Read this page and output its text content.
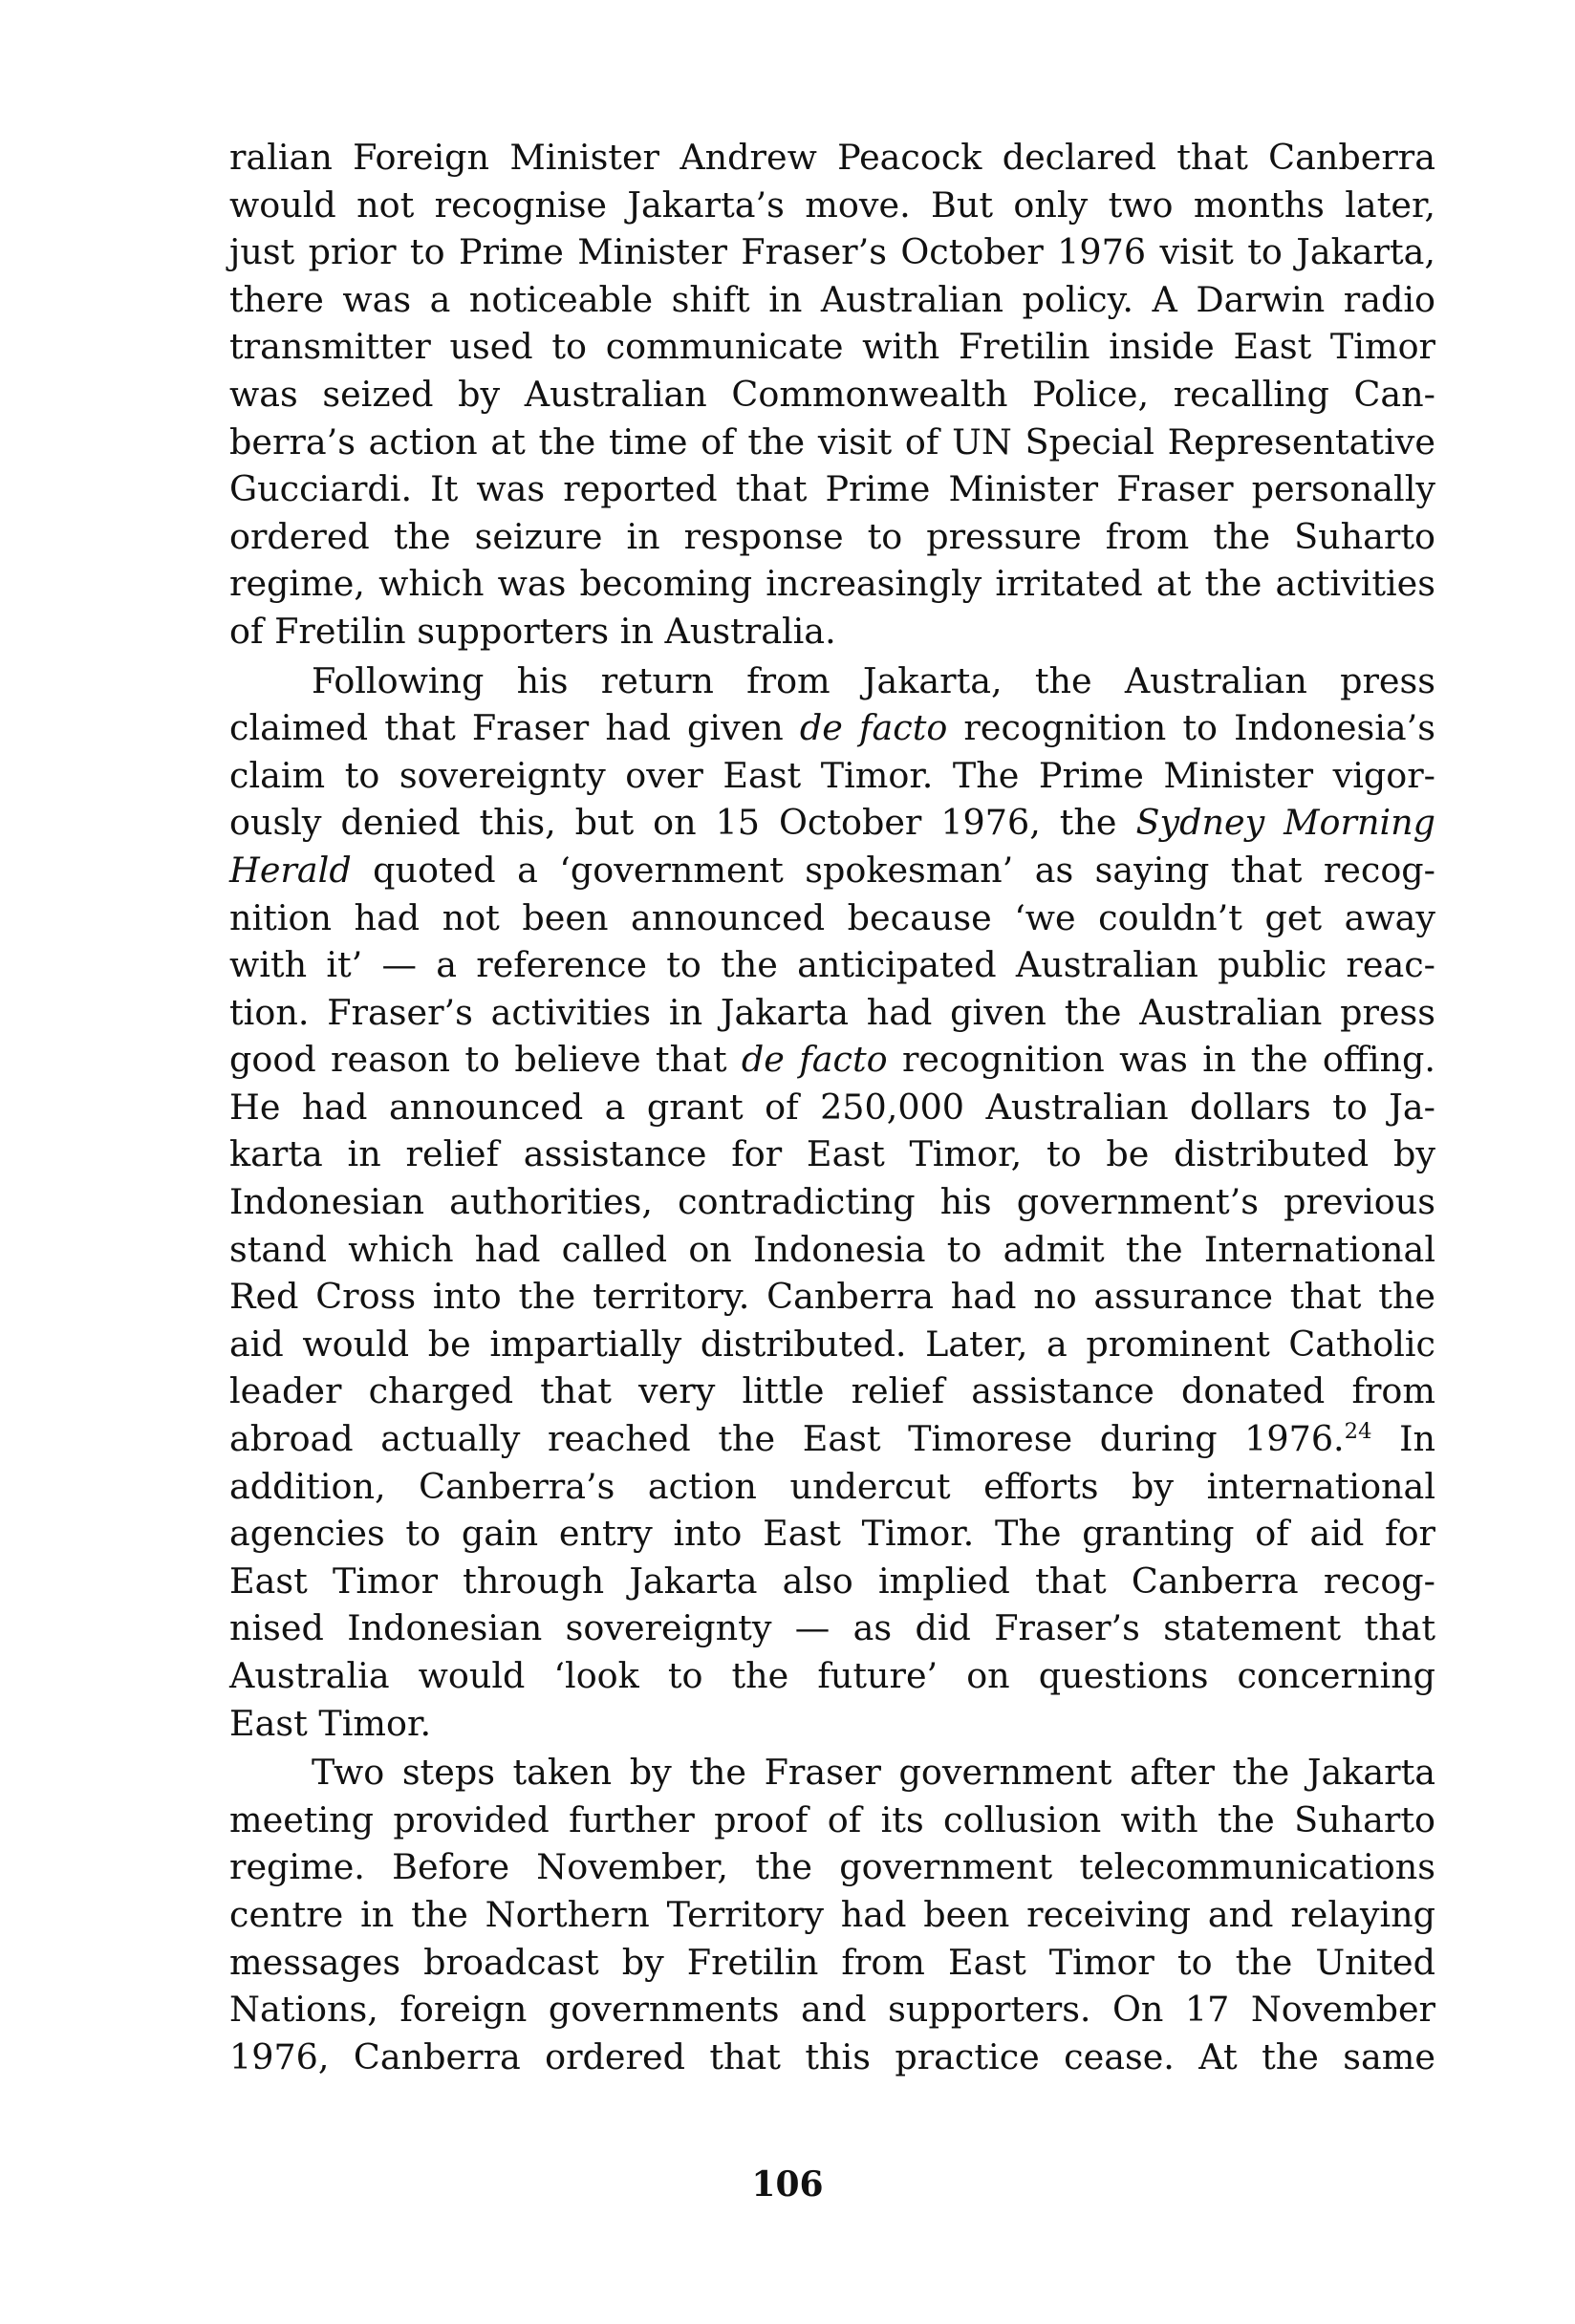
ralian Foreign Minister Andrew Peacock declared that Canberra
would not recognise Jakarta’s move. But only two months later,
just prior to Prime Minister Fraser’s October 1976 visit to Jakarta,
there was a noticeable shift in Australian policy. A Darwin radio
transmitter used to communicate with Fretilin inside East Timor
was seized by Australian Commonwealth Police, recalling Can-
berra’s action at the time of the visit of UN Special Representative
Gucciardi. It was reported that Prime Minister Fraser personally
ordered the seizure in response to pressure from the Suharto
regime, which was becoming increasingly irritated at the activities
of Fretilin supporters in Australia.
Following his return from Jakarta, the Australian press
claimed that Fraser had given de facto recognition to Indonesia’s
claim to sovereignty over East Timor. The Prime Minister vigor-
ously denied this, but on 15 October 1976, the Sydney Morning
Herald quoted a ‘government spokesman’ as saying that recog-
nition had not been announced because ‘we couldn’t get away
with it’ — a reference to the anticipated Australian public reac-
tion. Fraser’s activities in Jakarta had given the Australian press
good reason to believe that de facto recognition was in the offing.
He had announced a grant of 250,000 Australian dollars to Ja-
karta in relief assistance for East Timor, to be distributed by
Indonesian authorities, contradicting his government’s previous
stand which had called on Indonesia to admit the International
Red Cross into the territory. Canberra had no assurance that the
aid would be impartially distributed. Later, a prominent Catholic
leader charged that very little relief assistance donated from
abroad actually reached the East Timorese during 1976.24 In
addition, Canberra’s action undercut efforts by international
agencies to gain entry into East Timor. The granting of aid for
East Timor through Jakarta also implied that Canberra recog-
nised Indonesian sovereignty — as did Fraser’s statement that
Australia would ‘look to the future’ on questions concerning
East Timor.
Two steps taken by the Fraser government after the Jakarta
meeting provided further proof of its collusion with the Suharto
regime. Before November, the government telecommunications
centre in the Northern Territory had been receiving and relaying
messages broadcast by Fretilin from East Timor to the United
Nations, foreign governments and supporters. On 17 November
1976, Canberra ordered that this practice cease. At the same
106
